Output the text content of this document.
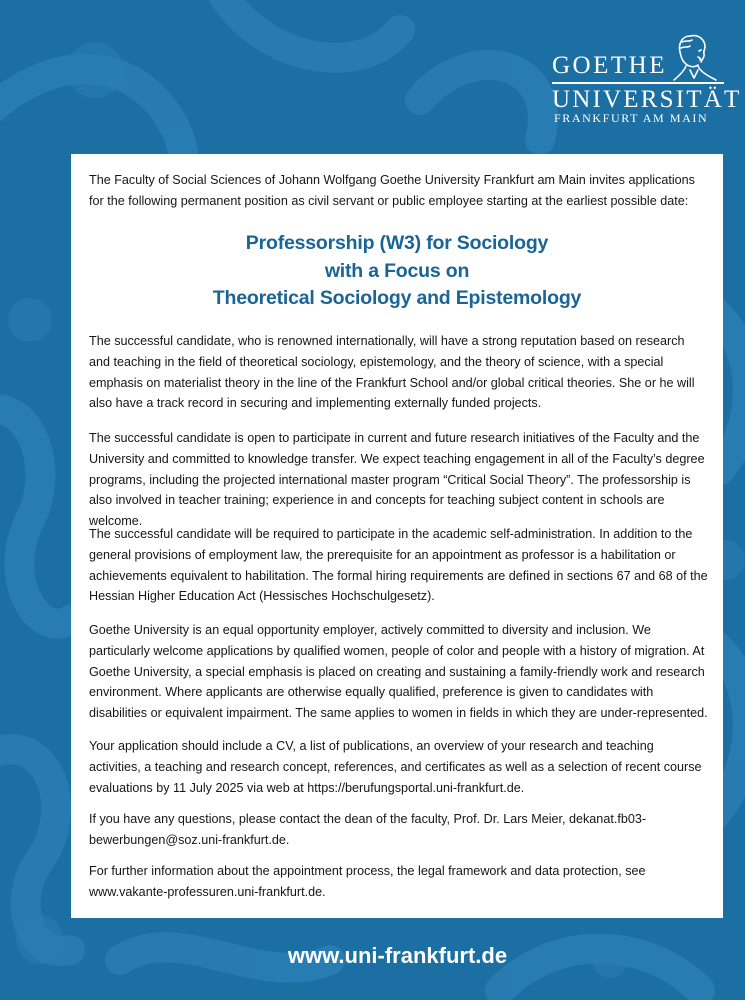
GOETHE
UNIVERSITÄT
FRANKFURT AM MAIN

The Faculty of Social Sciences of Johann Wolfgang Goethe University Frankfurt am Main invites applications for the following permanent position as civil servant or public employee starting at the earliest possible date:

Professorship (W3) for Sociology
with a Focus on
Theoretical Sociology and Epistemology

The successful candidate, who is renowned internationally, will have a strong reputation based on research and teaching in the field of theoretical sociology, epistemology, and the theory of science, with a special emphasis on materialist theory in the line of the Frankfurt School and/or global critical theories. She or he will also have a track record in securing and implementing externally funded projects.

The successful candidate is open to participate in current and future research initiatives of the Faculty and the University and committed to knowledge transfer. We expect teaching engagement in all of the Faculty’s degree programs, including the projected international master program “Critical Social Theory”. The professorship is also involved in teacher training; experience in and concepts for teaching subject content in schools are welcome.

The successful candidate will be required to participate in the academic self-administration. In addition to the general provisions of employment law, the prerequisite for an appointment as professor is a habilitation or achievements equivalent to habilitation. The formal hiring requirements are defined in sections 67 and 68 of the Hessian Higher Education Act (Hessisches Hochschulgesetz).

Goethe University is an equal opportunity employer, actively committed to diversity and inclusion. We particularly welcome applications by qualified women, people of color and people with a history of migration. At Goethe University, a special emphasis is placed on creating and sustaining a family-friendly work and research environment. Where applicants are otherwise equally qualified, preference is given to candidates with disabilities or equivalent impairment. The same applies to women in fields in which they are under-represented.

Your application should include a CV, a list of publications, an overview of your research and teaching activities, a teaching and research concept, references, and certificates as well as a selection of recent course evaluations by 11 July 2025 via web at https://berufungsportal.uni-frankfurt.de.

If you have any questions, please contact the dean of the faculty, Prof. Dr. Lars Meier, dekanat.fb03-bewerbungen@soz.uni-frankfurt.de.

For further information about the appointment process, the legal framework and data protection, see www.vakante-professuren.uni-frankfurt.de.

www.uni-frankfurt.de
